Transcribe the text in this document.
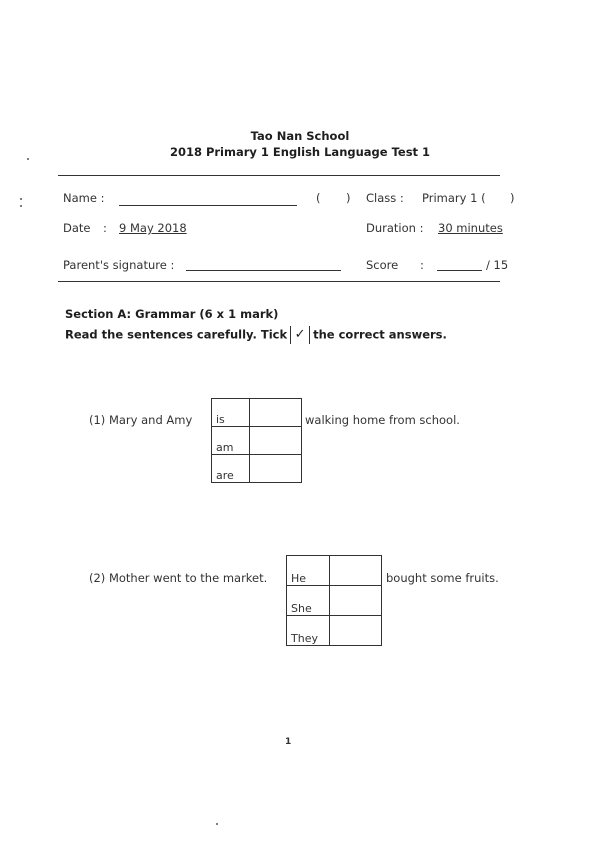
Tao Nan School
2018 Primary 1 English Language Test 1
Name :	( ) Class : Primary 1 ( )
Date : 9 May 2018	Duration : 30 minutes
Parent's signature :	Score :	/ 15
Section A: Grammar (6 x 1 mark)
Read the sentences carefully. Tick ✓ the correct answers.
(1) Mary and Amy is	
am	
are	
walking home from school.
(2) Mother went to the market. He	
She	
They	
bought some fruits.
1
